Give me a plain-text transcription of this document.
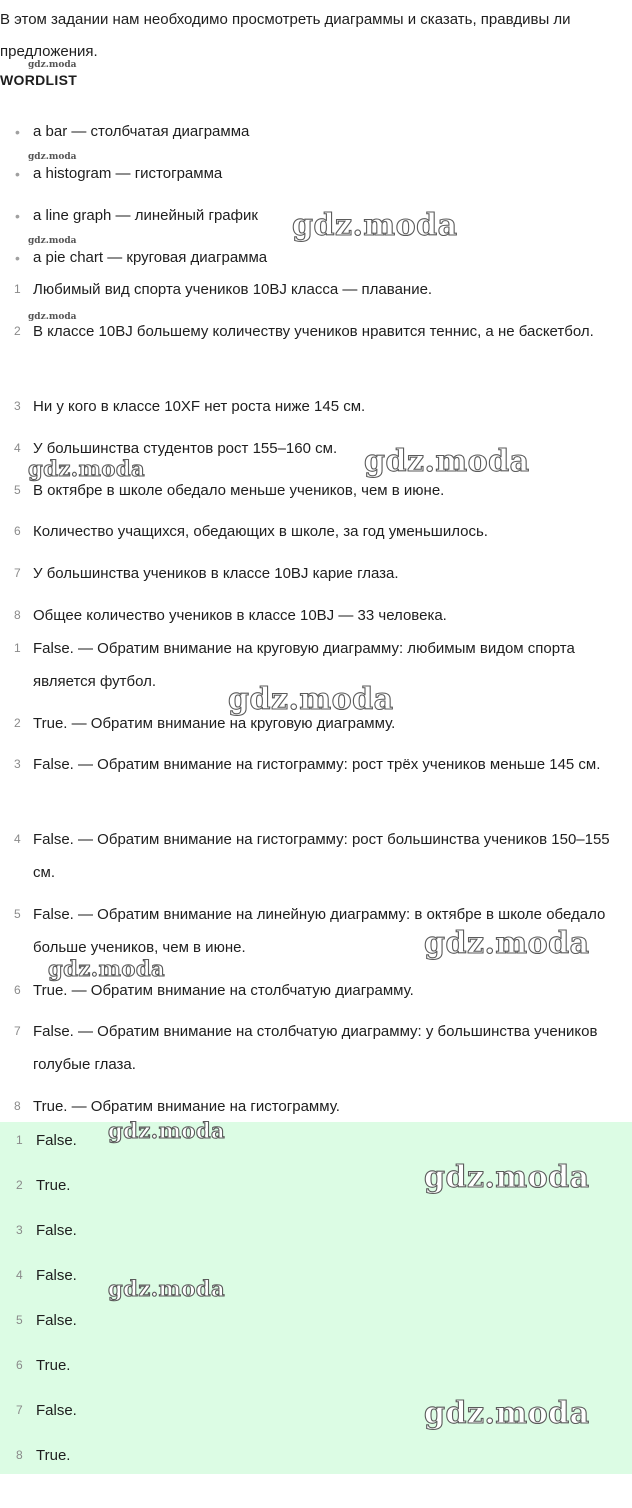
В этом задании нам необходимо просмотреть диаграммы и сказать, правдивы ли предложения.

WORDLIST
• a bar — столбчатая диаграмма
• a histogram — гистограмма
• a line graph — линейный график
• a pie chart — круговая диаграмма
1 Любимый вид спорта учеников 10BJ класса — плавание.
2 В классе 10BJ большему количеству учеников нравится теннис, а не баскетбол.
3 Ни у кого в классе 10XF нет роста ниже 145 см.
4 У большинства студентов рост 155–160 см.
5 В октябре в школе обедало меньше учеников, чем в июне.
6 Количество учащихся, обедающих в школе, за год уменьшилось.
7 У большинства учеников в классе 10BJ карие глаза.
8 Общее количество учеников в классе 10BJ — 33 человека.
1 False. — Обратим внимание на круговую диаграмму: любимым видом спорта является футбол.
2 True. — Обратим внимание на круговую диаграмму.
3 False. — Обратим внимание на гистограмму: рост трёх учеников меньше 145 см.
4 False. — Обратим внимание на гистограмму: рост большинства учеников 150–155 см.
5 False. — Обратим внимание на линейную диаграмму: в октябре в школе обедало больше учеников, чем в июне.
6 True. — Обратим внимание на столбчатую диаграмму.
7 False. — Обратим внимание на столбчатую диаграмму: у большинства учеников голубые глаза.
8 True. — Обратим внимание на гистограмму.
1 False.
2 True.
3 False.
4 False.
5 False.
6 True.
7 False.
8 True.
gdz.moda
gdz.moda
gdz.moda
gdz.moda
gdz.moda
gdz.moda
gdz.moda
gdz.moda
gdz.moda
gdz.moda
gdz.moda
gdz.moda
gdz.moda
gdz.moda
